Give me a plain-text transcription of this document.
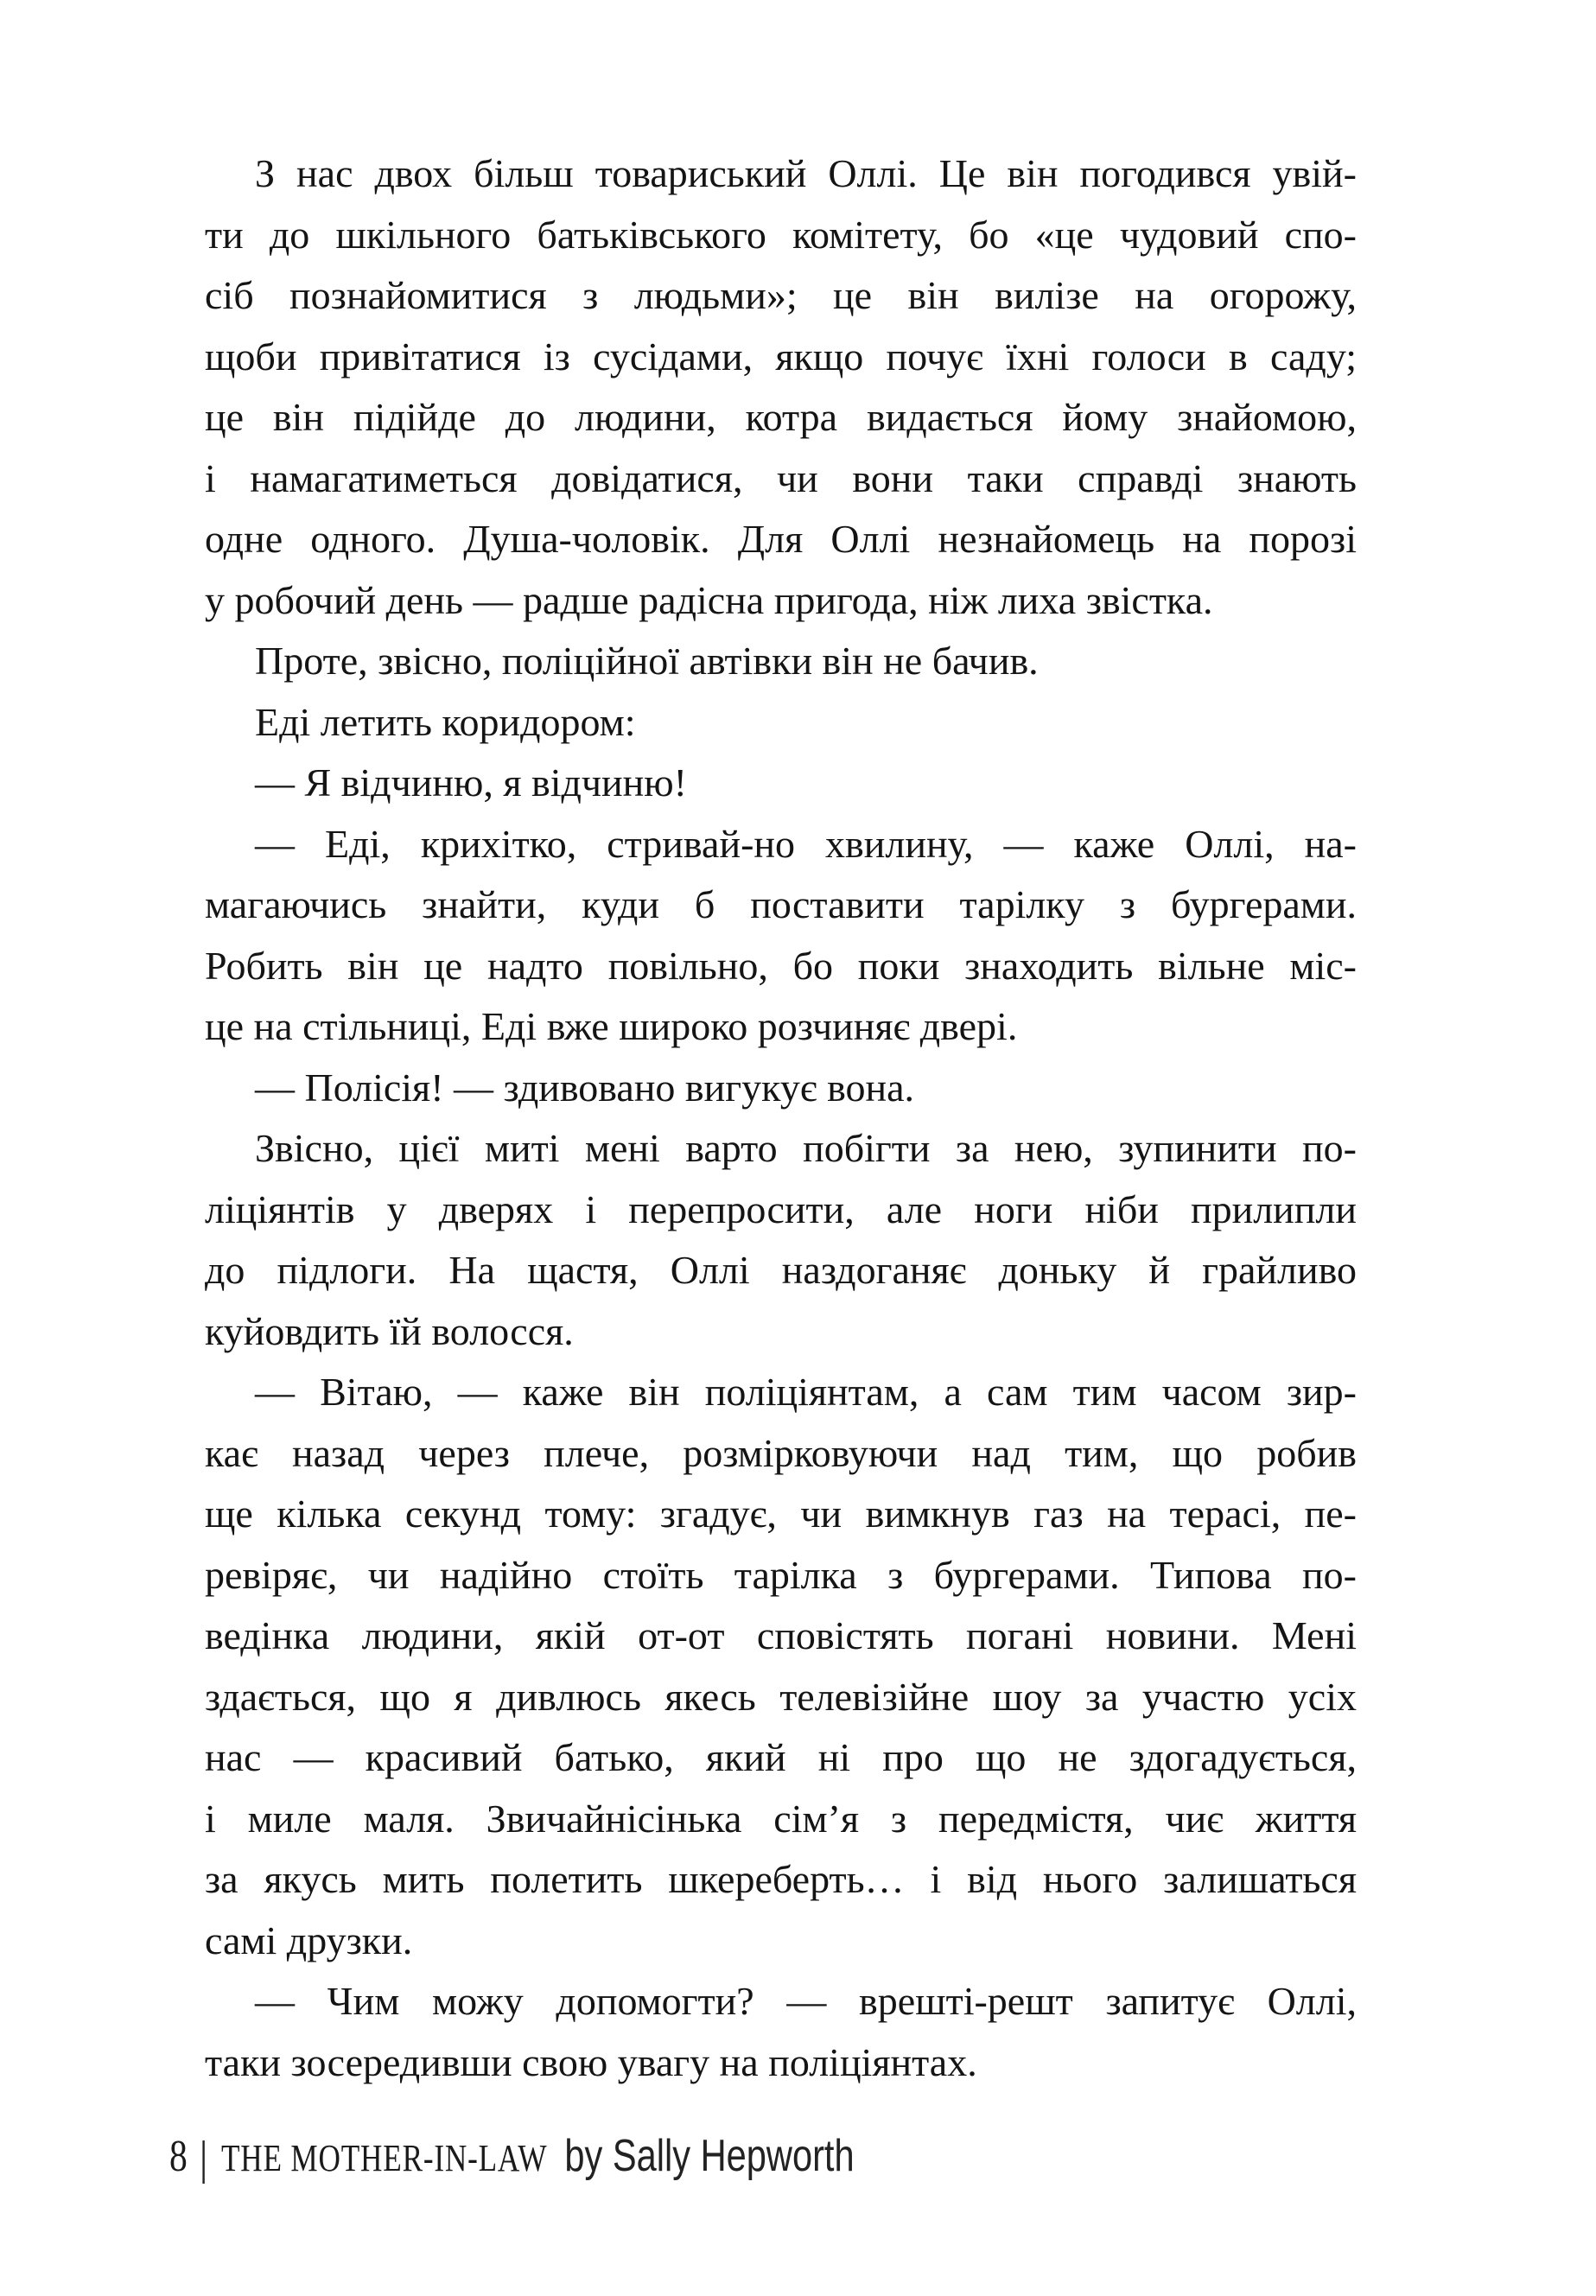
З нас двох більш товариський Оллі. Це він погодився увій-
ти до шкільного батьківського комітету, бо «це чудовий спо-
сіб познайомитися з людьми»; це він вилізе на огорожу,
щоби привітатися із сусідами, якщо почує їхні голоси в саду;
це він підійде до людини, котра видається йому знайомою,
і намагатиметься довідатися, чи вони таки справді знають
одне одного. Душа-чоловік. Для Оллі незнайомець на порозі
у робочий день — радше радісна пригода, ніж лиха звістка.
Проте, звісно, поліційної автівки він не бачив.
Еді летить коридором:
— Я відчиню, я відчиню!
— Еді, крихітко, стривай-но хвилину, — каже Оллі, на-
магаючись знайти, куди б поставити тарілку з бургерами.
Робить він це надто повільно, бо поки знаходить вільне міс-
це на стільниці, Еді вже широко розчиняє двері.
— Полісія! — здивовано вигукує вона.
Звісно, цієї миті мені варто побігти за нею, зупинити по-
ліціянтів у дверях і перепросити, але ноги ніби прилипли
до підлоги. На щастя, Оллі наздоганяє доньку й грайливо
куйовдить їй волосся.
— Вітаю, — каже він поліціянтам, а сам тим часом зир-
кає назад через плече, розмірковуючи над тим, що робив
ще кілька секунд тому: згадує, чи вимкнув газ на терасі, пе-
ревіряє, чи надійно стоїть тарілка з бургерами. Типова по-
ведінка людини, якій от-от сповістять погані новини. Мені
здається, що я дивлюсь якесь телевізійне шоу за участю усіх
нас — красивий батько, який ні про що не здогадується,
і миле маля. Звичайнісінька сім’я з передмістя, чиє життя
за якусь мить полетить шкереберть… і від нього залишаться
самі друзки.
— Чим можу допомогти? — врешті-решт запитує Оллі,
таки зосередивши свою увагу на поліціянтах.
8 THE MOTHER-IN-LAW by Sally Hepworth
